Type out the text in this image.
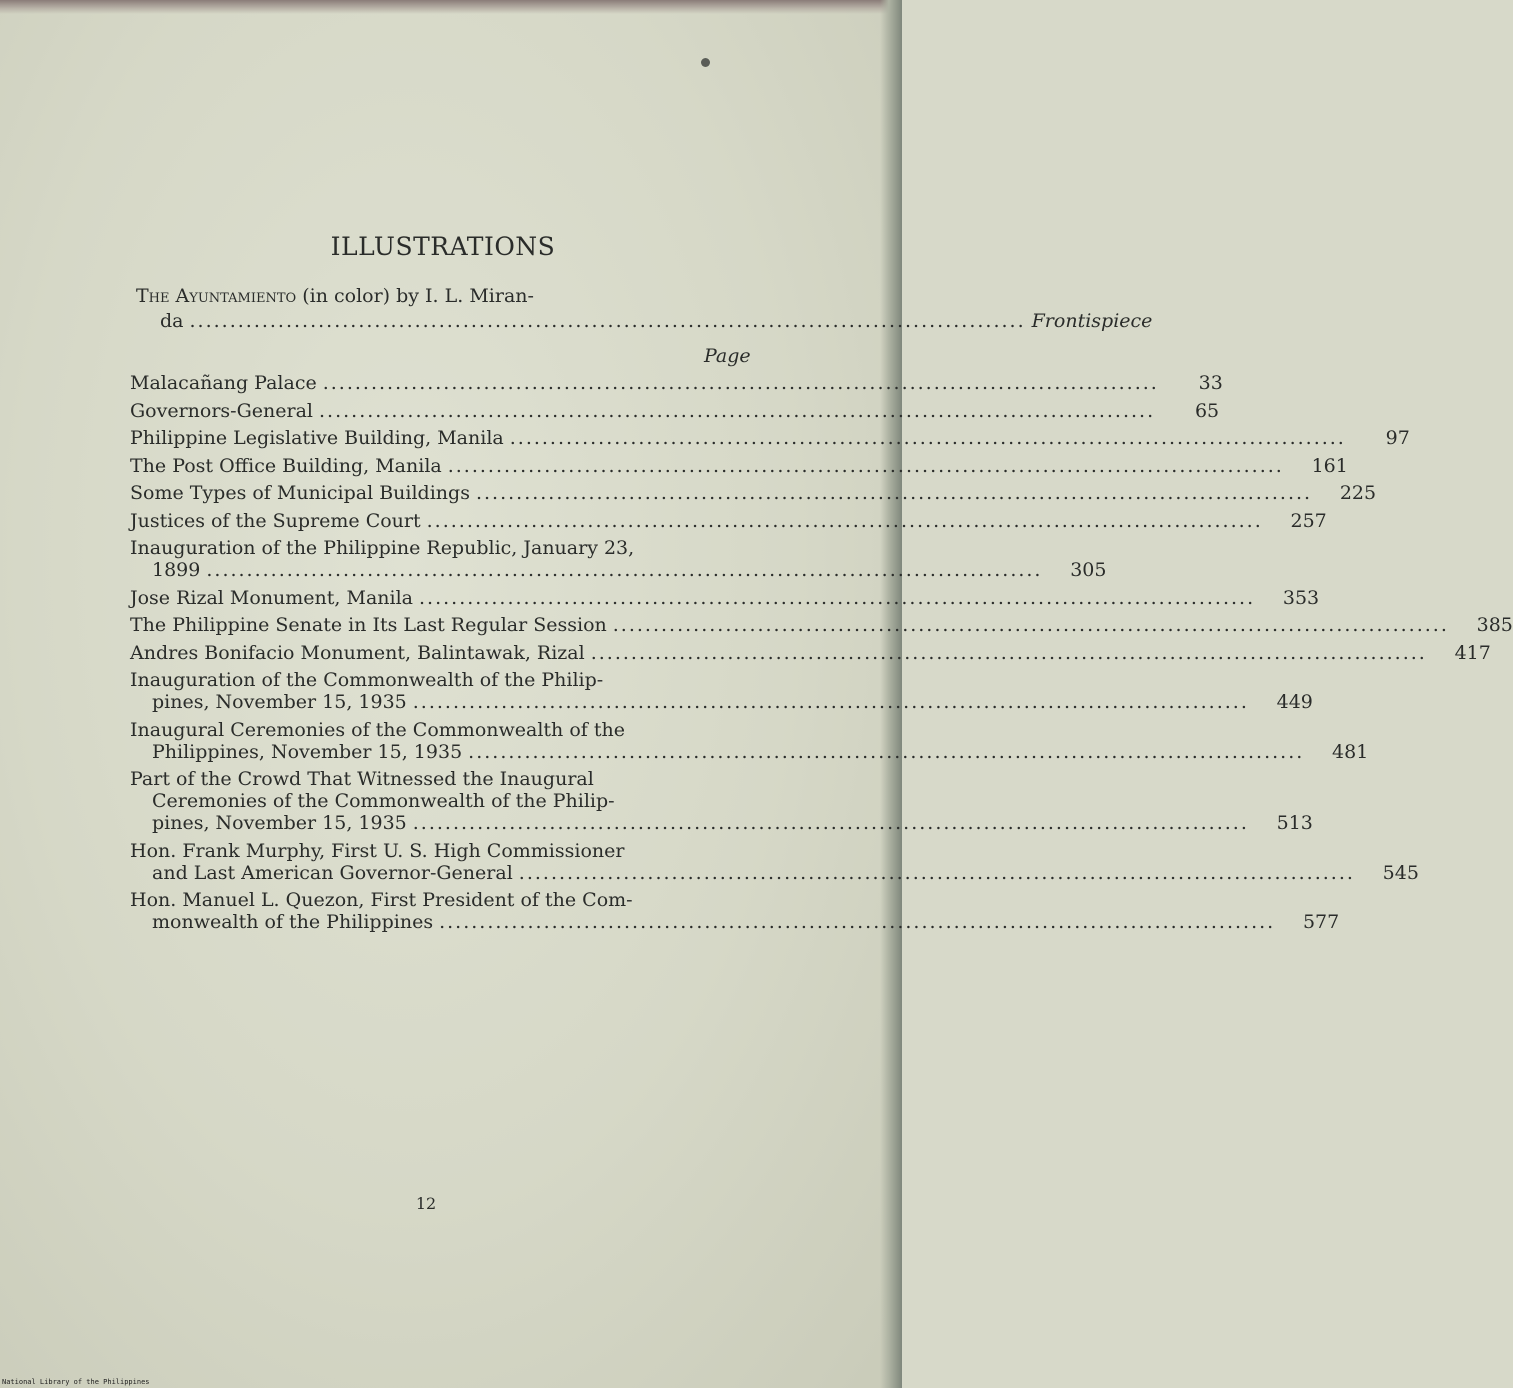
ILLUSTRATIONS
The Ayuntamiento (in color) by I. L. Miran-
da .....	Frontispiece
Page
Malacañang Palace .....	33
Governors-General .....	65
Philippine Legislative Building, Manila .....	97
The Post Office Building, Manila .....	161
Some Types of Municipal Buildings .....	225
Justices of the Supreme Court .....	257
Inauguration of the Philippine Republic, January 23,
1899 .....	305
Jose Rizal Monument, Manila .....	353
The Philippine Senate in Its Last Regular Session .....	385
Andres Bonifacio Monument, Balintawak, Rizal .....	417
Inauguration of the Commonwealth of the Philip-
pines, November 15, 1935 .....	449
Inaugural Ceremonies of the Commonwealth of the
Philippines, November 15, 1935 .....	481
Part of the Crowd That Witnessed the Inaugural
Ceremonies of the Commonwealth of the Philip-
pines, November 15, 1935 .....	513
Hon. Frank Murphy, First U. S. High Commissioner
and Last American Governor-General .....	545
Hon. Manuel L. Quezon, First President of the Com-
monwealth of the Philippines .....	577
12
National Library of the Philippines
